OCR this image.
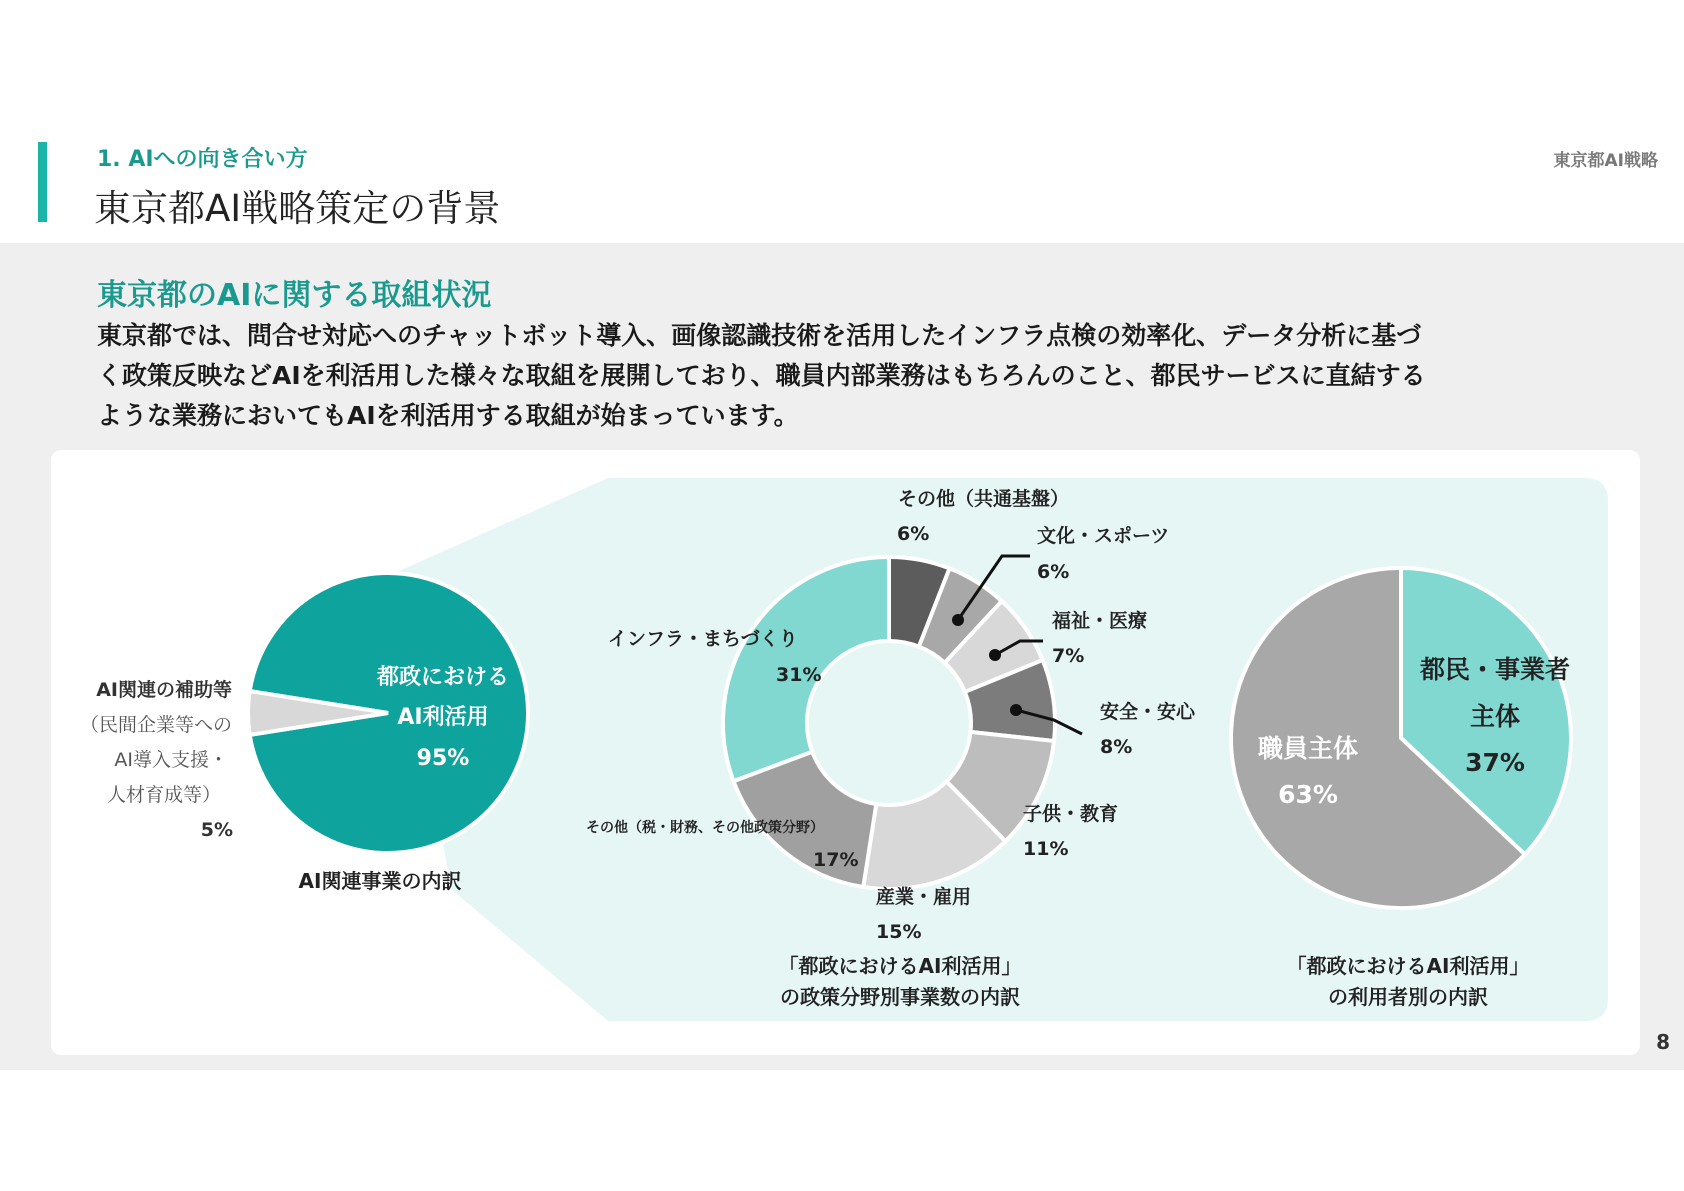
1. AIへの向き合い方
東京都AI戦略策定の背景
東京都AI戦略
東京都のAIに関する取組状況
東京都では、問合せ対応へのチャットボット導入、画像認識技術を活用したインフラ点検の効率化、データ分析に基づ
く政策反映などAIを利活用した様々な取組を展開しており、職員内部業務はもちろんのこと、都民サービスに直結する
ような業務においてもAIを利活用する取組が始まっています。
都政における
AI利活用
95%
AI関連の補助等
（民間企業等への
AI導入支援・
人材育成等）
5%
AI関連事業の内訳
その他（共通基盤）
6%	文化・スポーツ
6%
福祉・医療
7%
安全・安心
8%
子供・教育
11%
産業・雇用
15%
その他（税・財務、その他政策分野）
17%
インフラ・まちづくり
31%
「都政におけるAI利活用」
の政策分野別事業数の内訳
都民・事業者
主体
37%
職員主体
63%
「都政におけるAI利活用」
の利用者別の内訳
8
